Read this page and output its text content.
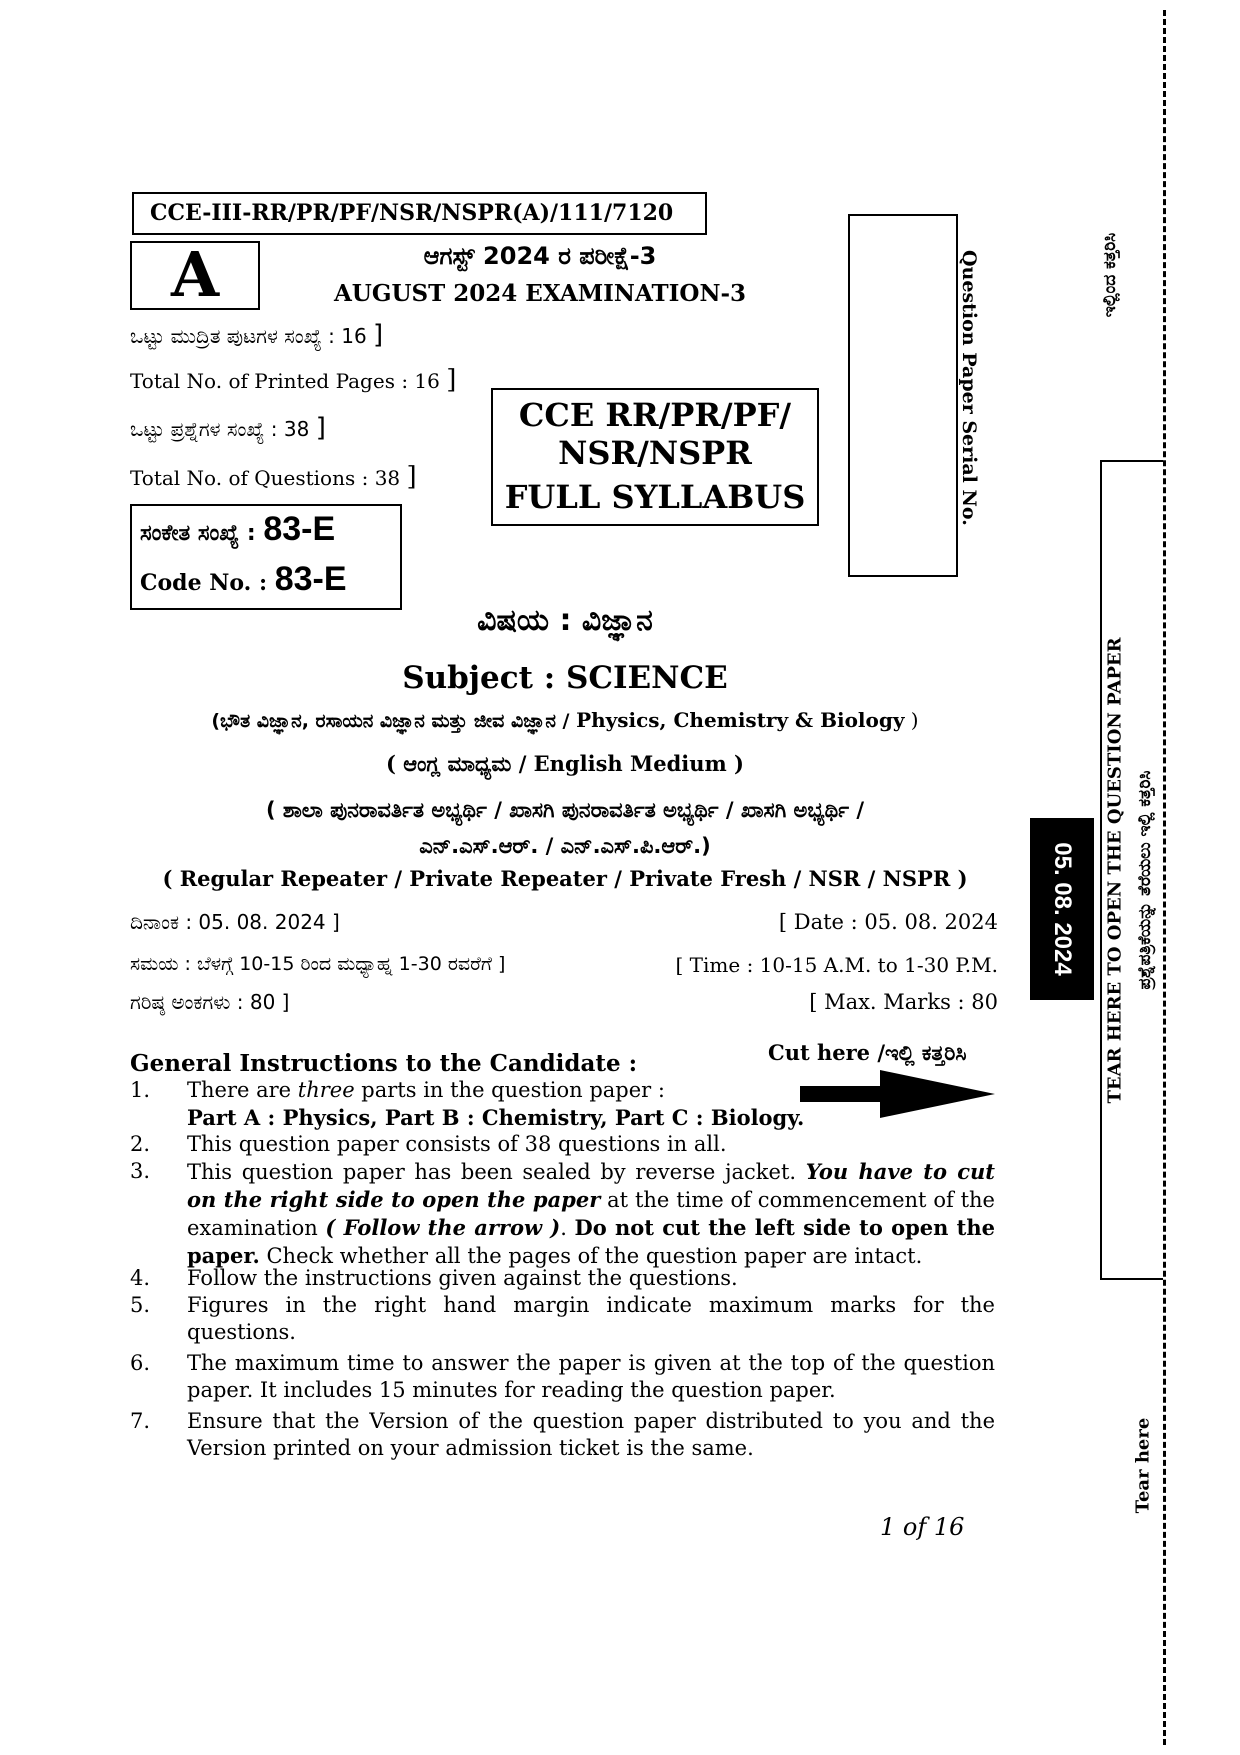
CCE-III-RR/PR/PF/NSR/NSPR(A)/111/7120
A	ಆಗಸ್ಟ್ 2024 ರ ಪರೀಕ್ಷೆ-3
AUGUST 2024 EXAMINATION-3
ಒಟ್ಟು ಮುದ್ರಿತ ಪುಟಗಳ ಸಂಖ್ಯೆ : 16 ]
Total No. of Printed Pages : 16 ]
ಒಟ್ಟು ಪ್ರಶ್ನೆಗಳ ಸಂಖ್ಯೆ : 38 ]
Total No. of Questions : 38 ]
CCE RR/PR/PF/
NSR/NSPR
FULL SYLLABUS	Question Paper Serial No.
ಸಂಕೇತ ಸಂಖ್ಯೆ : 83-E
Code No. : 83-E
ವಿಷಯ : ವಿಜ್ಞಾನ
Subject : SCIENCE
(ಭೌತ ವಿಜ್ಞಾನ, ರಸಾಯನ ವಿಜ್ಞಾನ ಮತ್ತು ಜೀವ ವಿಜ್ಞಾನ / Physics, Chemistry & Biology )
( ಆಂಗ್ಲ ಮಾಧ್ಯಮ / English Medium )
( ಶಾಲಾ ಪುನರಾವರ್ತಿತ ಅಭ್ಯರ್ಥಿ / ಖಾಸಗಿ ಪುನರಾವರ್ತಿತ ಅಭ್ಯರ್ಥಿ / ಖಾಸಗಿ ಅಭ್ಯರ್ಥಿ /
ಎನ್.ಎಸ್.ಆರ್. / ಎನ್.ಎಸ್.ಪಿ.ಆರ್.)
( Regular Repeater / Private Repeater / Private Fresh / NSR / NSPR )
ದಿನಾಂಕ : 05. 08. 2024 ]	[ Date : 05. 08. 2024
ಸಮಯ : ಬೆಳಗ್ಗೆ 10-15 ರಿಂದ ಮಧ್ಯಾಹ್ನ 1-30 ರವರೆಗೆ ]	[ Time : 10-15 A.M. to 1-30 P.M.
ಗರಿಷ್ಠ ಅಂಕಗಳು : 80 ]	[ Max. Marks : 80
General Instructions to the Candidate :	Cut here /ಇಲ್ಲಿ ಕತ್ತರಿಸಿ
1. There are three parts in the question paper :
Part A : Physics, Part B : Chemistry, Part C : Biology.
2. This question paper consists of 38 questions in all.
3. This question paper has been sealed by reverse jacket. You have to cut on the right side to open the paper at the time of commencement of the examination ( Follow the arrow ). Do not cut the left side to open the paper. Check whether all the pages of the question paper are intact.
4. Follow the instructions given against the questions.
5. Figures in the right hand margin indicate maximum marks for the questions.
6. The maximum time to answer the paper is given at the top of the question paper. It includes 15 minutes for reading the question paper.
7. Ensure that the Version of the question paper distributed to you and the Version printed on your admission ticket is the same.
1 of 16
ಇಲ್ಲಿಂದ ಕತ್ತರಿಸಿ
05. 08. 2024 TEAR HERE TO OPEN THE QUESTION PAPER ಪ್ರಶ್ನೆಪತ್ರಿಕೆಯನ್ನು ತೆರೆಯಲು ಇಲ್ಲಿ ಕತ್ತರಿಸಿ
Tear here
